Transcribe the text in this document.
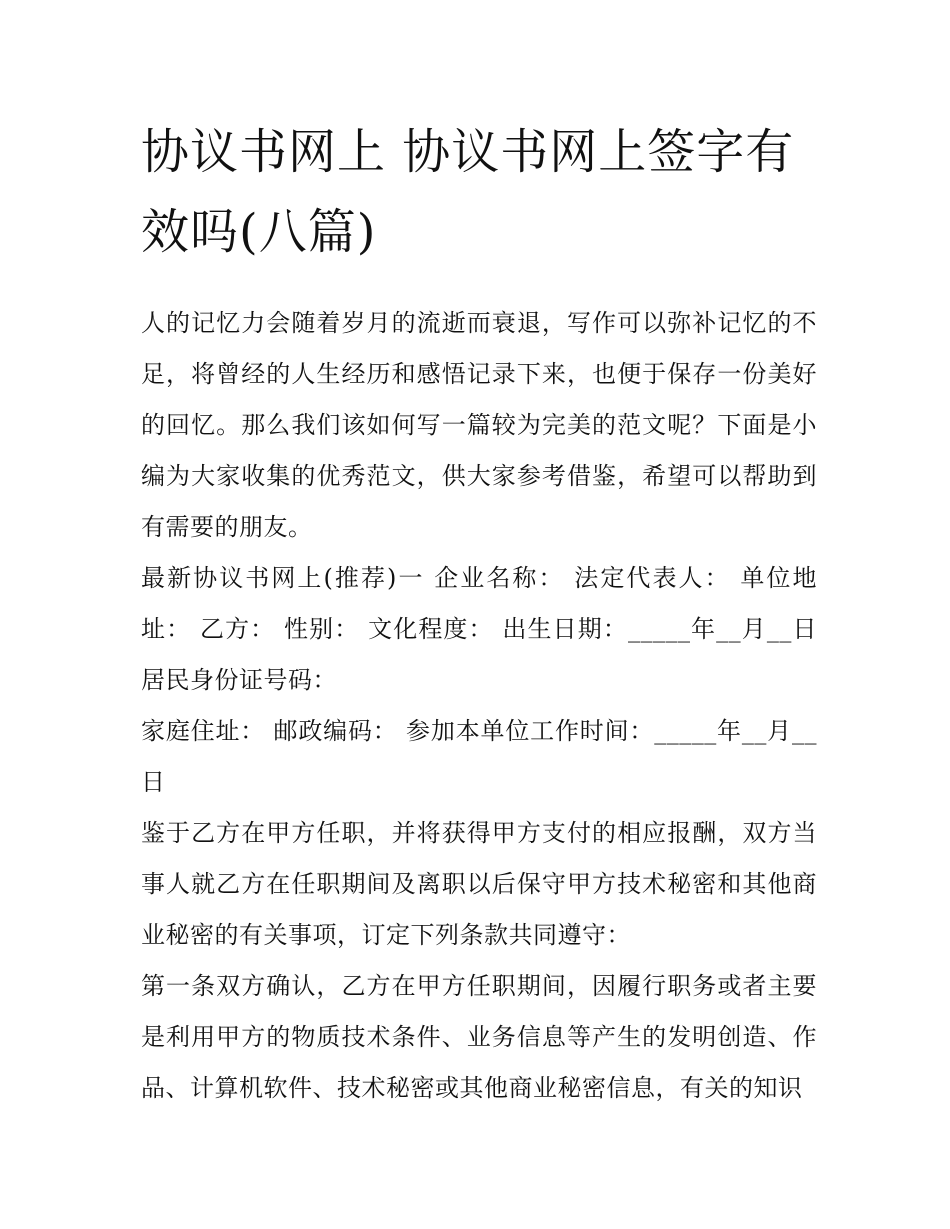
协议书网上 协议书网上签字有效吗(八篇)

人的记忆力会随着岁月的流逝而衰退，写作可以弥补记忆的不足，将曾经的人生经历和感悟记录下来，也便于保存一份美好的回忆。那么我们该如何写一篇较为完美的范文呢？下面是小编为大家收集的优秀范文，供大家参考借鉴，希望可以帮助到有需要的朋友。

最新协议书网上(推荐)一 企业名称： 法定代表人： 单位地址： 乙方： 性别： 文化程度： 出生日期：_____年__月__日 居民身份证号码：

家庭住址： 邮政编码： 参加本单位工作时间：_____年__月__日

鉴于乙方在甲方任职，并将获得甲方支付的相应报酬，双方当事人就乙方在任职期间及离职以后保守甲方技术秘密和其他商业秘密的有关事项，订定下列条款共同遵守：

第一条双方确认，乙方在甲方任职期间，因履行职务或者主要是利用甲方的物质技术条件、业务信息等产生的发明创造、作品、计算机软件、技术秘密或其他商业秘密信息，有关的知识
